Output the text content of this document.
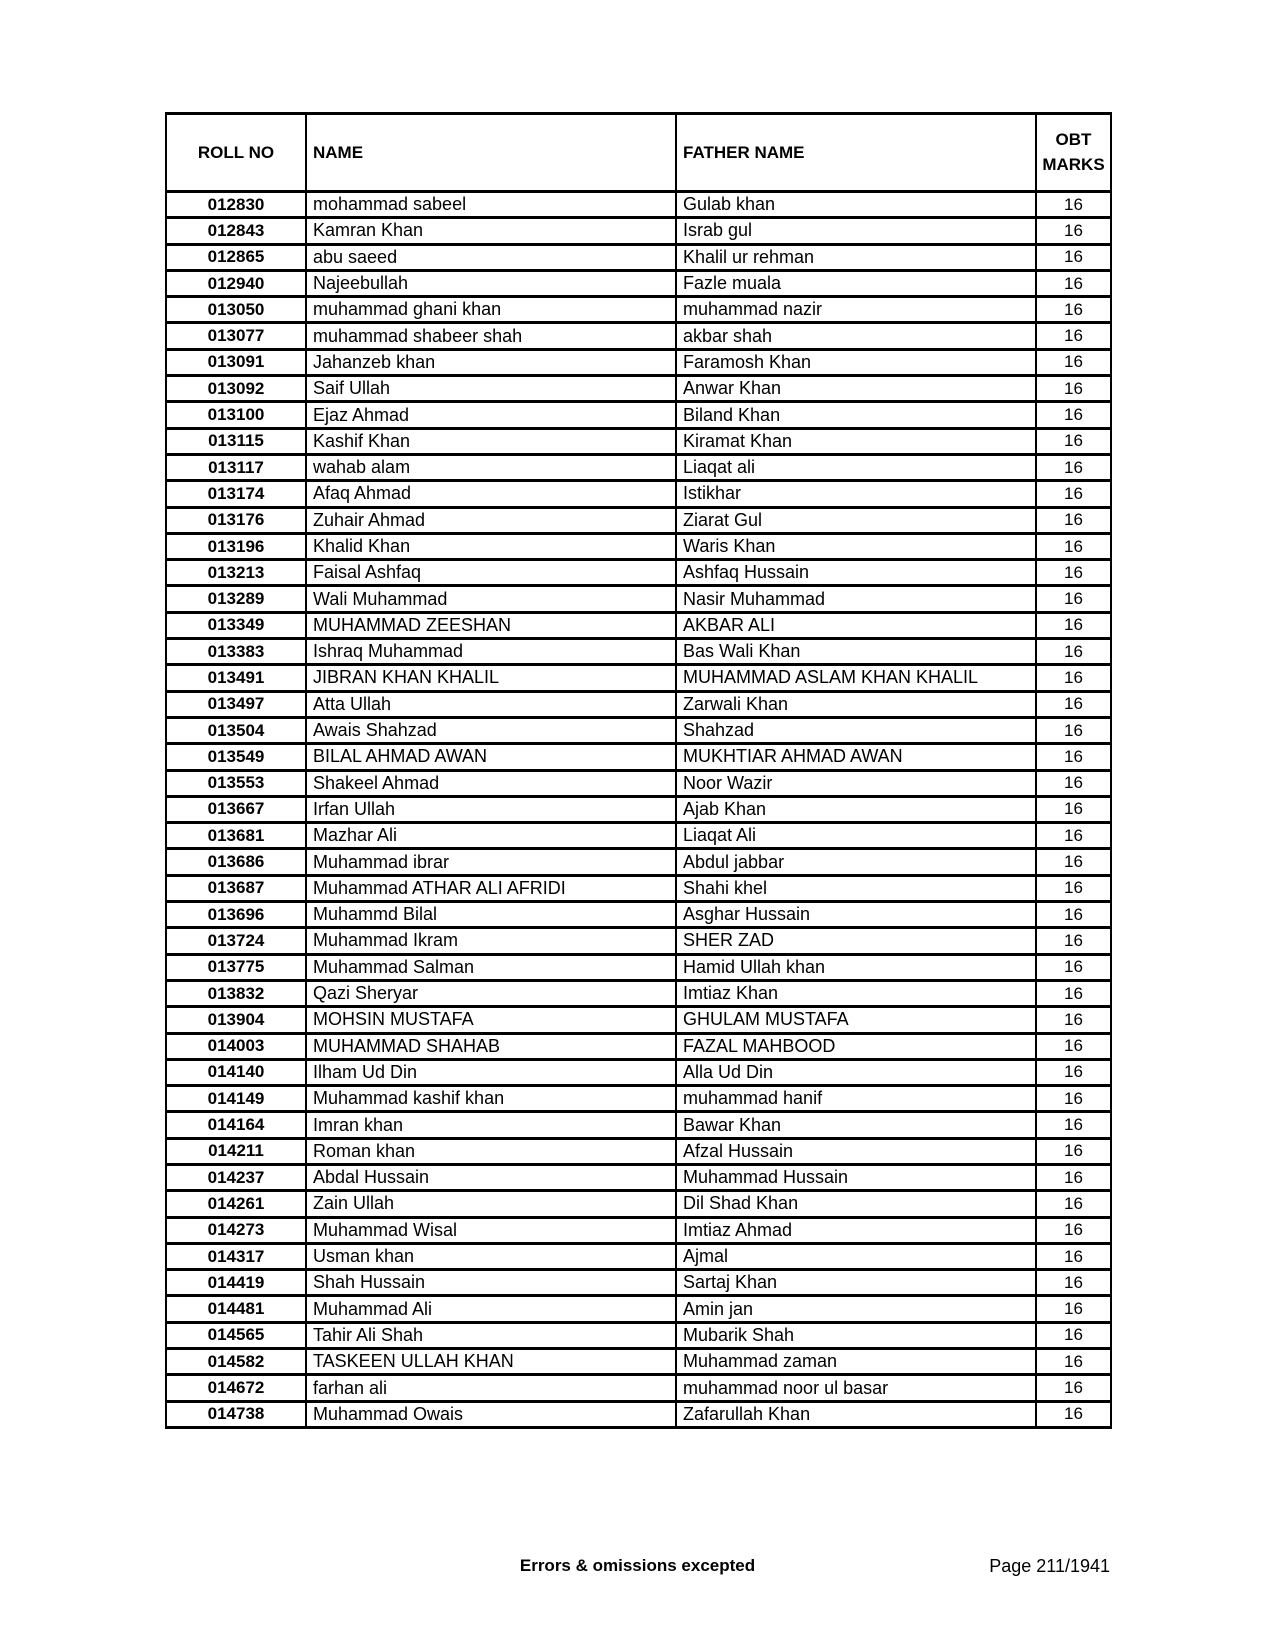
ROLL NO	NAME	FATHER NAME	OBT MARKS
012830	mohammad sabeel	Gulab khan	16
012843	Kamran Khan	Israb gul	16
012865	abu saeed	Khalil ur rehman	16
012940	Najeebullah	Fazle muala	16
013050	muhammad ghani khan	muhammad nazir	16
013077	muhammad shabeer shah	akbar shah	16
013091	Jahanzeb khan	Faramosh Khan	16
013092	Saif Ullah	Anwar Khan	16
013100	Ejaz Ahmad	Biland Khan	16
013115	Kashif Khan	Kiramat Khan	16
013117	wahab alam	Liaqat ali	16
013174	Afaq Ahmad	Istikhar	16
013176	Zuhair Ahmad	Ziarat Gul	16
013196	Khalid Khan	Waris Khan	16
013213	Faisal Ashfaq	Ashfaq Hussain	16
013289	Wali Muhammad	Nasir Muhammad	16
013349	MUHAMMAD ZEESHAN	AKBAR ALI	16
013383	Ishraq Muhammad	Bas Wali Khan	16
013491	JIBRAN KHAN KHALIL	MUHAMMAD ASLAM KHAN KHALIL	16
013497	Atta Ullah	Zarwali Khan	16
013504	Awais Shahzad	Shahzad	16
013549	BILAL AHMAD AWAN	MUKHTIAR AHMAD AWAN	16
013553	Shakeel Ahmad	Noor Wazir	16
013667	Irfan Ullah	Ajab Khan	16
013681	Mazhar Ali	Liaqat Ali	16
013686	Muhammad ibrar	Abdul jabbar	16
013687	Muhammad ATHAR ALI AFRIDI	Shahi khel	16
013696	Muhammd Bilal	Asghar Hussain	16
013724	Muhammad Ikram	SHER ZAD	16
013775	Muhammad Salman	Hamid Ullah khan	16
013832	Qazi Sheryar	Imtiaz Khan	16
013904	MOHSIN MUSTAFA	GHULAM MUSTAFA	16
014003	MUHAMMAD SHAHAB	FAZAL MAHBOOD	16
014140	Ilham Ud Din	Alla Ud Din	16
014149	Muhammad kashif khan	muhammad hanif	16
014164	Imran khan	Bawar Khan	16
014211	Roman khan	Afzal Hussain	16
014237	Abdal Hussain	Muhammad Hussain	16
014261	Zain Ullah	Dil Shad Khan	16
014273	Muhammad Wisal	Imtiaz Ahmad	16
014317	Usman khan	Ajmal	16
014419	Shah Hussain	Sartaj Khan	16
014481	Muhammad Ali	Amin jan	16
014565	Tahir Ali Shah	Mubarik Shah	16
014582	TASKEEN ULLAH KHAN	Muhammad zaman	16
014672	farhan ali	muhammad noor ul basar	16
014738	Muhammad Owais	Zafarullah Khan	16
Errors & omissions excepted	Page 211/1941
